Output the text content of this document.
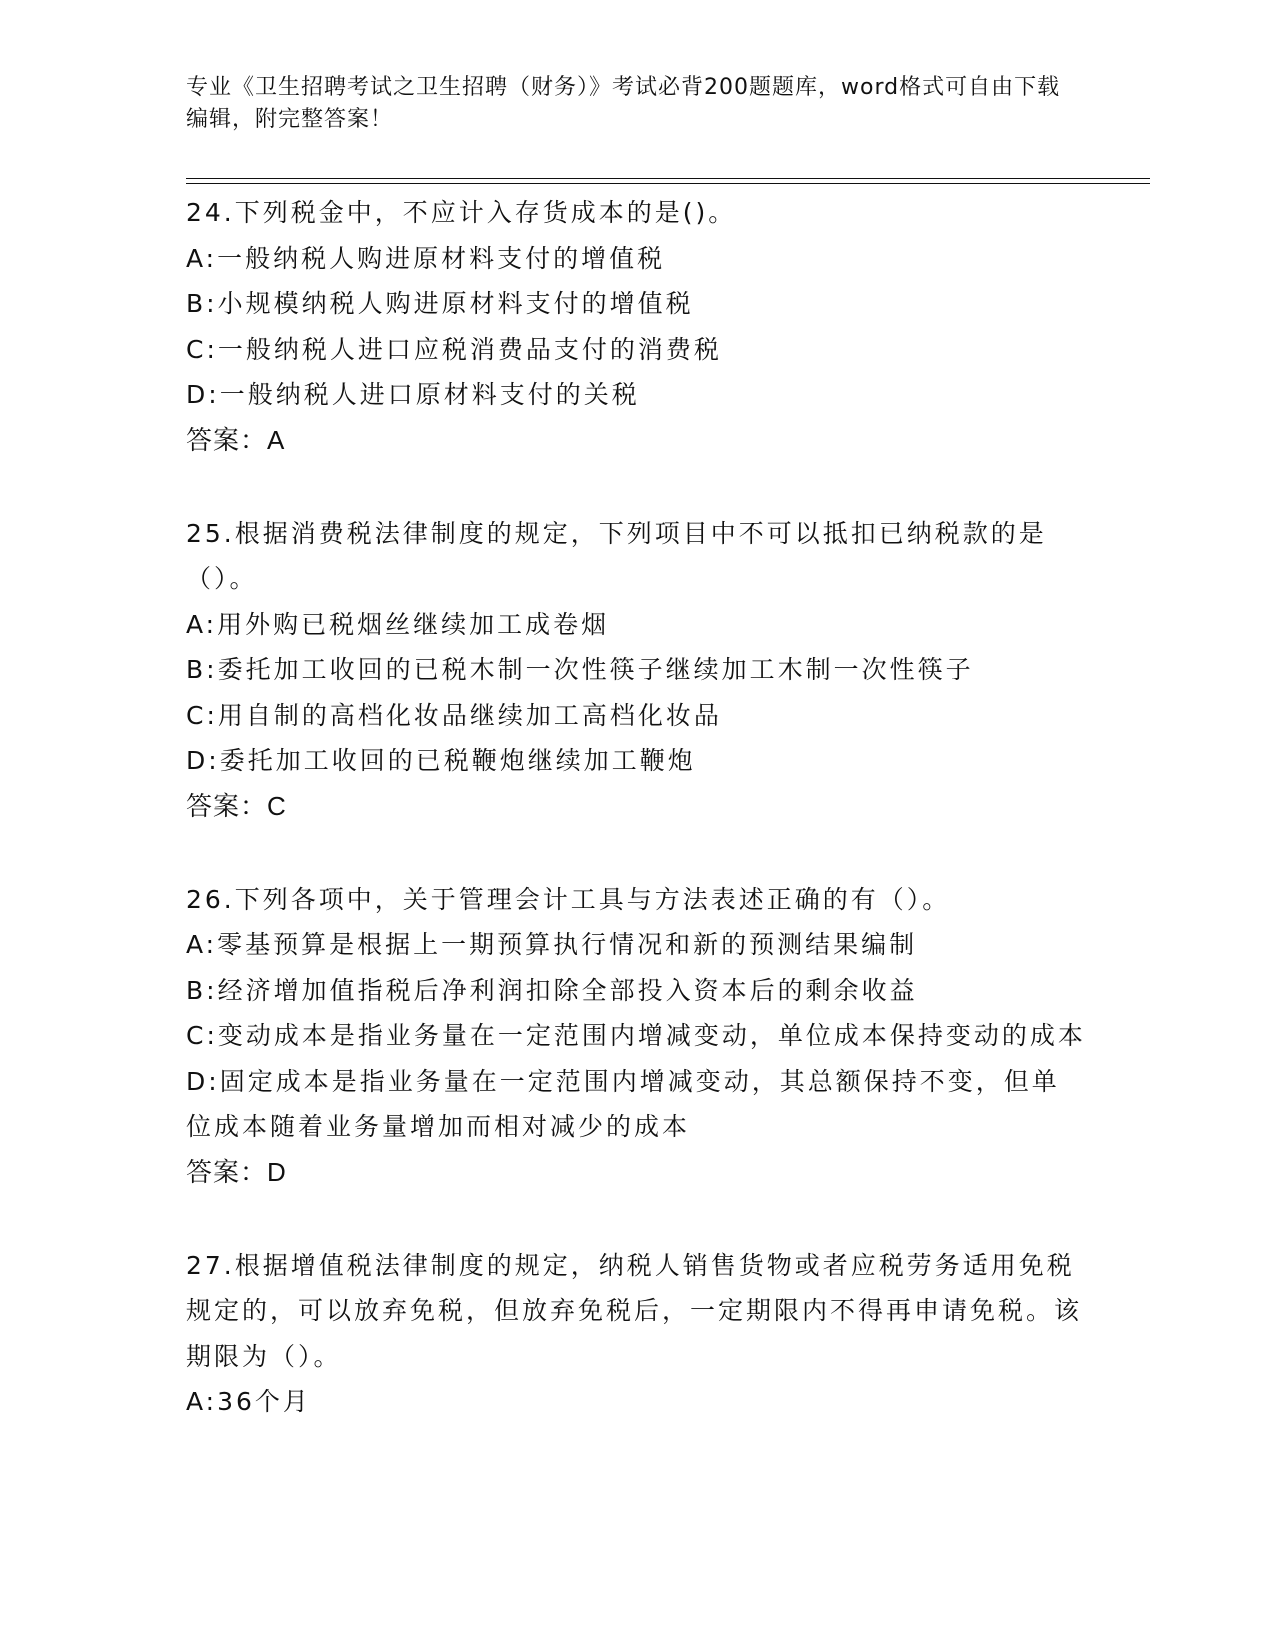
专业《卫生招聘考试之卫生招聘（财务）》考试必背200题题库，word格式可自由下载编辑，附完整答案！
24.下列税金中，不应计入存货成本的是()。
A: 一般纳税人购进原材料支付的增值税
B: 小规模纳税人购进原材料支付的增值税
C: 一般纳税人进口应税消费品支付的消费税
D: 一般纳税人进口原材料支付的关税
答案：A
25.根据消费税法律制度的规定，下列项目中不可以抵扣已纳税款的是（）。
A: 用外购已税烟丝继续加工成卷烟
B: 委托加工收回的已税木制一次性筷子继续加工木制一次性筷子
C: 用自制的高档化妆品继续加工高档化妆品
D: 委托加工收回的已税鞭炮继续加工鞭炮
答案：C
26.下列各项中，关于管理会计工具与方法表述正确的有（）。
A: 零基预算是根据上一期预算执行情况和新的预测结果编制
B: 经济增加值指税后净利润扣除全部投入资本后的剩余收益
C:变动成本是指业务量在一定范围内增减变动，单位成本保持变动的成本
D:固定成本是指业务量在一定范围内增减变动，其总额保持不变，但单位成本随着业务量增加而相对减少的成本
答案：D
27.根据增值税法律制度的规定，纳税人销售货物或者应税劳务适用免税规定的，可以放弃免税，但放弃免税后，一定期限内不得再申请免税。该期限为（）。
A: 36个月
